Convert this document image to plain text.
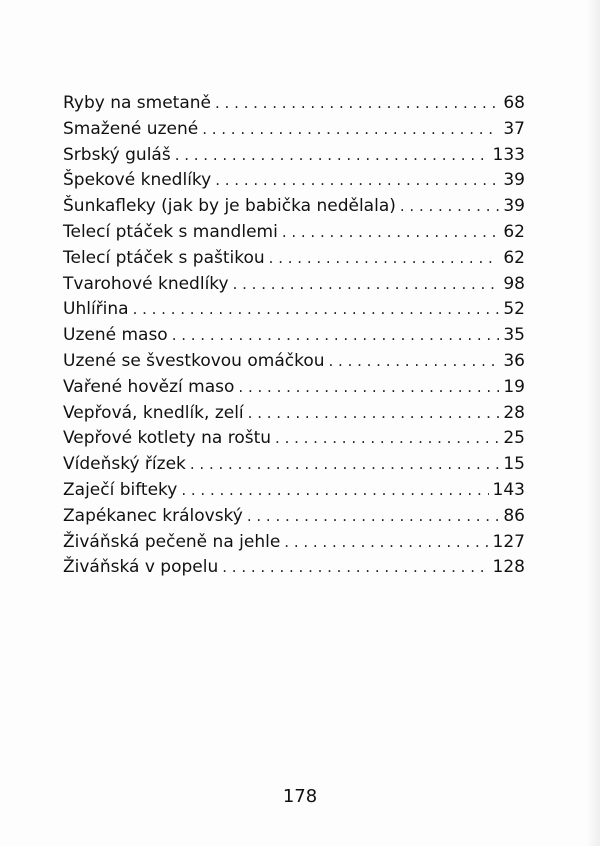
Ryby na smetaně . . .	68
Smažené uzené . . .	37
Srbský guláš . . .	133
Špekové knedlíky . . .	39
Šunkafleky (jak by je babička nedělala) . . .	39
Telecí ptáček s mandlemi . . .	62
Telecí ptáček s paštikou . . .	62
Tvarohové knedlíky . . .	98
Uhlířina . . .	52
Uzené maso . . .	35
Uzené se švestkovou omáčkou . . .	36
Vařené hovězí maso . . .	19
Vepřová, knedlík, zelí . . .	28
Vepřové kotlety na roštu . . .	25
Vídeňský řízek . . .	15
Zaječí bifteky . . .	143
Zapékanec královský . . .	86
Živáňská pečeně na jehle . . .	127
Živáňská v popelu . . .	128
178
